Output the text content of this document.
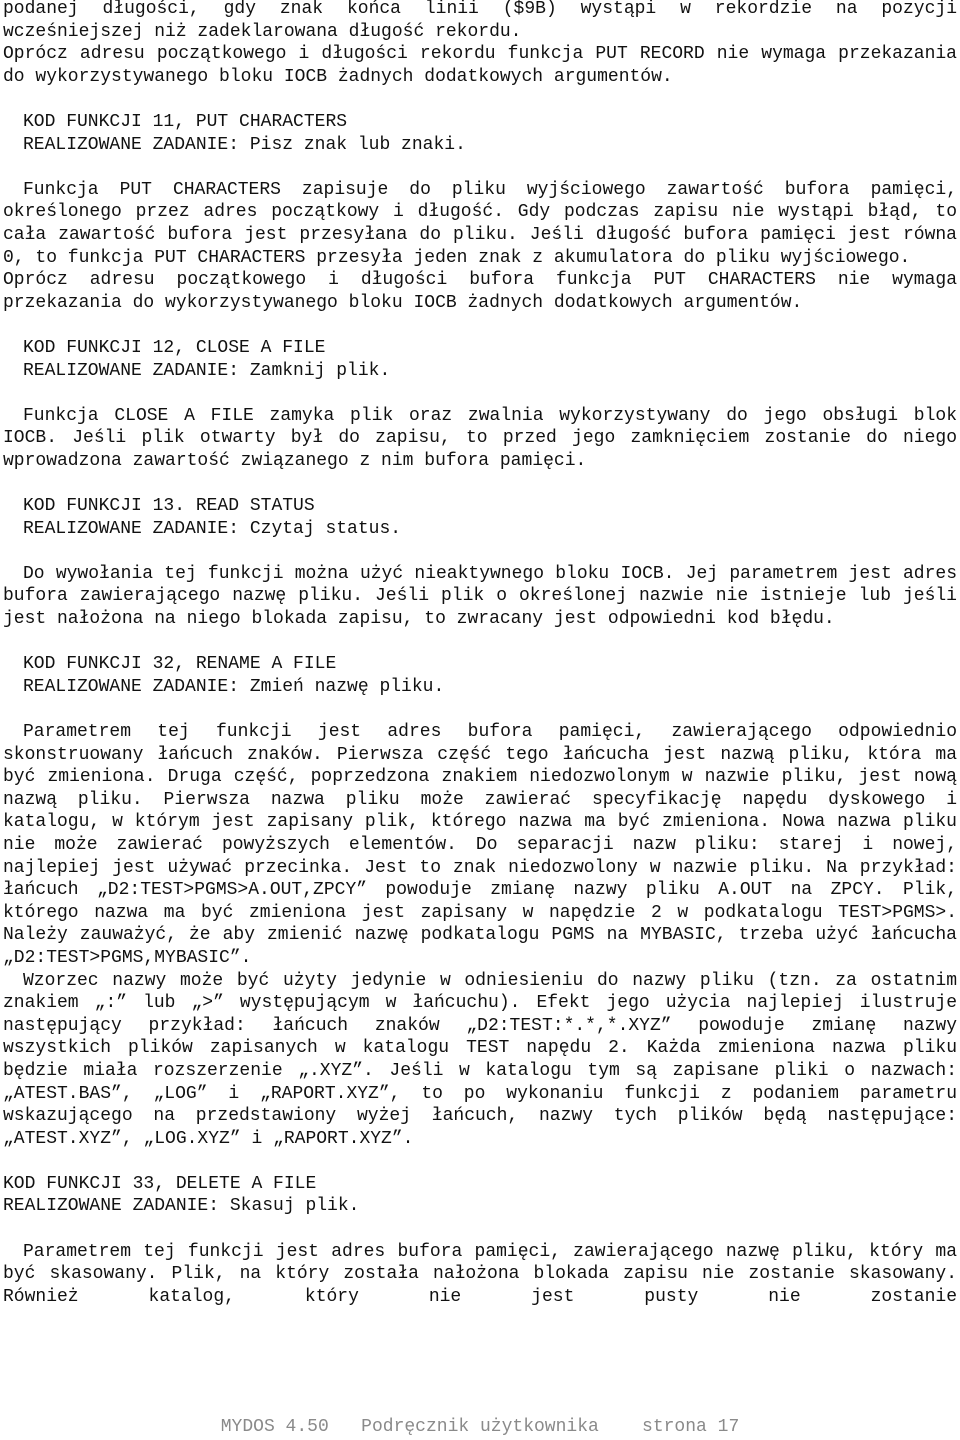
podanej długości, gdy znak końca linii ($9B) wystąpi w rekordzie na pozycji wcześniejszej niż zadeklarowana długość rekordu.

Oprócz adresu początkowego i długości rekordu funkcja PUT RECORD nie wymaga przekazania do wykorzystywanego bloku IOCB żadnych dodatkowych argumentów.

KOD FUNKCJI 11, PUT CHARACTERS
REALIZOWANE ZADANIE: Pisz znak lub znaki.

Funkcja PUT CHARACTERS zapisuje do pliku wyjściowego zawartość bufora pamięci, określonego przez adres początkowy i długość. Gdy podczas zapisu nie wystąpi błąd, to cała zawartość bufora jest przesyłana do pliku. Jeśli długość bufora pamięci jest równa 0, to funkcja PUT CHARACTERS przesyła jeden znak z akumulatora do pliku wyjściowego.

Oprócz adresu początkowego i długości bufora funkcja PUT CHARACTERS nie wymaga przekazania do wykorzystywanego bloku IOCB żadnych dodatkowych argumentów.

KOD FUNKCJI 12, CLOSE A FILE
REALIZOWANE ZADANIE: Zamknij plik.

Funkcja CLOSE A FILE zamyka plik oraz zwalnia wykorzystywany do jego obsługi blok IOCB. Jeśli plik otwarty był do zapisu, to przed jego zamknięciem zostanie do niego wprowadzona zawartość związanego z nim bufora pamięci.

KOD FUNKCJI 13. READ STATUS
REALIZOWANE ZADANIE: Czytaj status.

Do wywołania tej funkcji można użyć nieaktywnego bloku IOCB. Jej parametrem jest adres bufora zawierającego nazwę pliku. Jeśli plik o określonej nazwie nie istnieje lub jeśli jest nałożona na niego blokada zapisu, to zwracany jest odpowiedni kod błędu.

KOD FUNKCJI 32, RENAME A FILE
REALIZOWANE ZADANIE: Zmień nazwę pliku.

Parametrem tej funkcji jest adres bufora pamięci, zawierającego odpowiednio skonstruowany łańcuch znaków. Pierwsza część tego łańcucha jest nazwą pliku, która ma być zmieniona. Druga część, poprzedzona znakiem niedozwolonym w nazwie pliku, jest nową nazwą pliku. Pierwsza nazwa pliku może zawierać specyfikację napędu dyskowego i katalogu, w którym jest zapisany plik, którego nazwa ma być zmieniona. Nowa nazwa pliku nie może zawierać powyższych elementów. Do separacji nazw pliku: starej i nowej, najlepiej jest używać przecinka. Jest to znak niedozwolony w nazwie pliku. Na przykład: łańcuch „D2:TEST>PGMS>A.OUT,ZPCY” powoduje zmianę nazwy pliku A.OUT na ZPCY. Plik, którego nazwa ma być zmieniona jest zapisany w napędzie 2 w podkatalogu TEST>PGMS>. Należy zauważyć, że aby zmienić nazwę podkatalogu PGMS na MYBASIC, trzeba użyć łańcucha „D2:TEST>PGMS,MYBASIC”.

Wzorzec nazwy może być użyty jedynie w odniesieniu do nazwy pliku (tzn. za ostatnim znakiem „:” lub „>” występującym w łańcuchu). Efekt jego użycia najlepiej ilustruje następujący przykład: łańcuch znaków „D2:TEST:*.*,*.XYZ” powoduje zmianę nazwy wszystkich plików zapisanych w katalogu TEST napędu 2. Każda zmieniona nazwa pliku będzie miała rozszerzenie „.XYZ”. Jeśli w katalogu tym są zapisane pliki o nazwach: „ATEST.BAS”, „LOG” i „RAPORT.XYZ”, to po wykonaniu funkcji z podaniem parametru wskazującego na przedstawiony wyżej łańcuch, nazwy tych plików będą następujące: „ATEST.XYZ”, „LOG.XYZ” i „RAPORT.XYZ”.

KOD FUNKCJI 33, DELETE A FILE
REALIZOWANE ZADANIE: Skasuj plik.

Parametrem tej funkcji jest adres bufora pamięci, zawierającego nazwę pliku, który ma być skasowany. Plik, na który została nałożona blokada zapisu nie zostanie skasowany. Również katalog, który nie jest pusty nie zostanie

MYDOS 4.50 Podręcznik użytkownika strona 17
